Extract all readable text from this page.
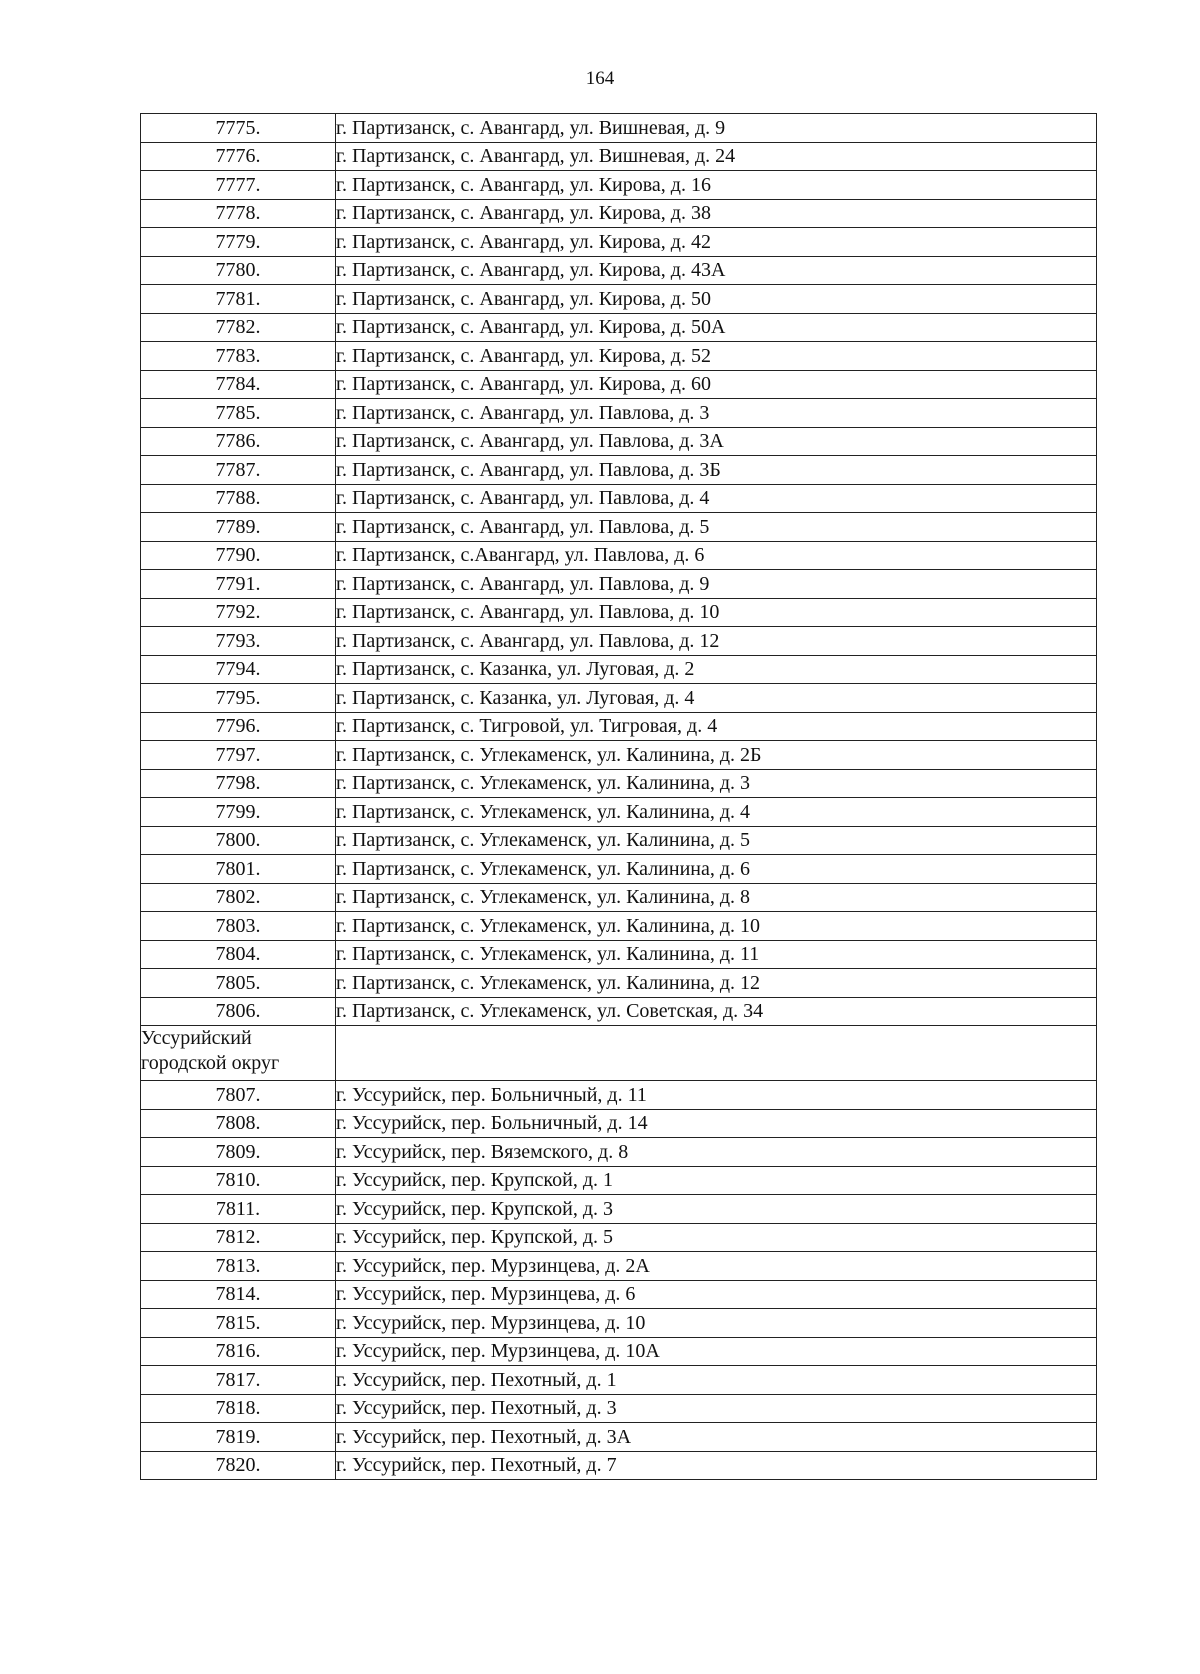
164
7775.	г. Партизанск, с. Авангард, ул. Вишневая, д. 9
7776.	г. Партизанск, с. Авангард, ул. Вишневая, д. 24
7777.	г. Партизанск, с. Авангард, ул. Кирова, д. 16
7778.	г. Партизанск, с. Авангард, ул. Кирова, д. 38
7779.	г. Партизанск, с. Авангард, ул. Кирова, д. 42
7780.	г. Партизанск, с. Авангард, ул. Кирова, д. 43А
7781.	г. Партизанск, с. Авангард, ул. Кирова, д. 50
7782.	г. Партизанск, с. Авангард, ул. Кирова, д. 50А
7783.	г. Партизанск, с. Авангард, ул. Кирова, д. 52
7784.	г. Партизанск, с. Авангард, ул. Кирова, д. 60
7785.	г. Партизанск, с. Авангард, ул. Павлова, д. 3
7786.	г. Партизанск, с. Авангард, ул. Павлова, д. 3А
7787.	г. Партизанск, с. Авангард, ул. Павлова, д. 3Б
7788.	г. Партизанск, с. Авангард, ул. Павлова, д. 4
7789.	г. Партизанск, с. Авангард, ул. Павлова, д. 5
7790.	г. Партизанск, с.Авангард, ул. Павлова, д. 6
7791.	г. Партизанск, с. Авангард, ул. Павлова, д. 9
7792.	г. Партизанск, с. Авангард, ул. Павлова, д. 10
7793.	г. Партизанск, с. Авангард, ул. Павлова, д. 12
7794.	г. Партизанск, с. Казанка, ул. Луговая, д. 2
7795.	г. Партизанск, с. Казанка, ул. Луговая, д. 4
7796.	г. Партизанск, с. Тигровой, ул. Тигровая, д. 4
7797.	г. Партизанск, с. Углекаменск, ул. Калинина, д. 2Б
7798.	г. Партизанск, с. Углекаменск, ул. Калинина, д. 3
7799.	г. Партизанск, с. Углекаменск, ул. Калинина, д. 4
7800.	г. Партизанск, с. Углекаменск, ул. Калинина, д. 5
7801.	г. Партизанск, с. Углекаменск, ул. Калинина, д. 6
7802.	г. Партизанск, с. Углекаменск, ул. Калинина, д. 8
7803.	г. Партизанск, с. Углекаменск, ул. Калинина, д. 10
7804.	г. Партизанск, с. Углекаменск, ул. Калинина, д. 11
7805.	г. Партизанск, с. Углекаменск, ул. Калинина, д. 12
7806.	г. Партизанск, с. Углекаменск, ул. Советская, д. 34
Уссурийский городской округ	
7807.	г. Уссурийск, пер. Больничный, д. 11
7808.	г. Уссурийск, пер. Больничный, д. 14
7809.	г. Уссурийск, пер. Вяземского, д. 8
7810.	г. Уссурийск, пер. Крупской, д. 1
7811.	г. Уссурийск, пер. Крупской, д. 3
7812.	г. Уссурийск, пер. Крупской, д. 5
7813.	г. Уссурийск, пер. Мурзинцева, д. 2А
7814.	г. Уссурийск, пер. Мурзинцева, д. 6
7815.	г. Уссурийск, пер. Мурзинцева, д. 10
7816.	г. Уссурийск, пер. Мурзинцева, д. 10А
7817.	г. Уссурийск, пер. Пехотный, д. 1
7818.	г. Уссурийск, пер. Пехотный, д. 3
7819.	г. Уссурийск, пер. Пехотный, д. 3А
7820.	г. Уссурийск, пер. Пехотный, д. 7
